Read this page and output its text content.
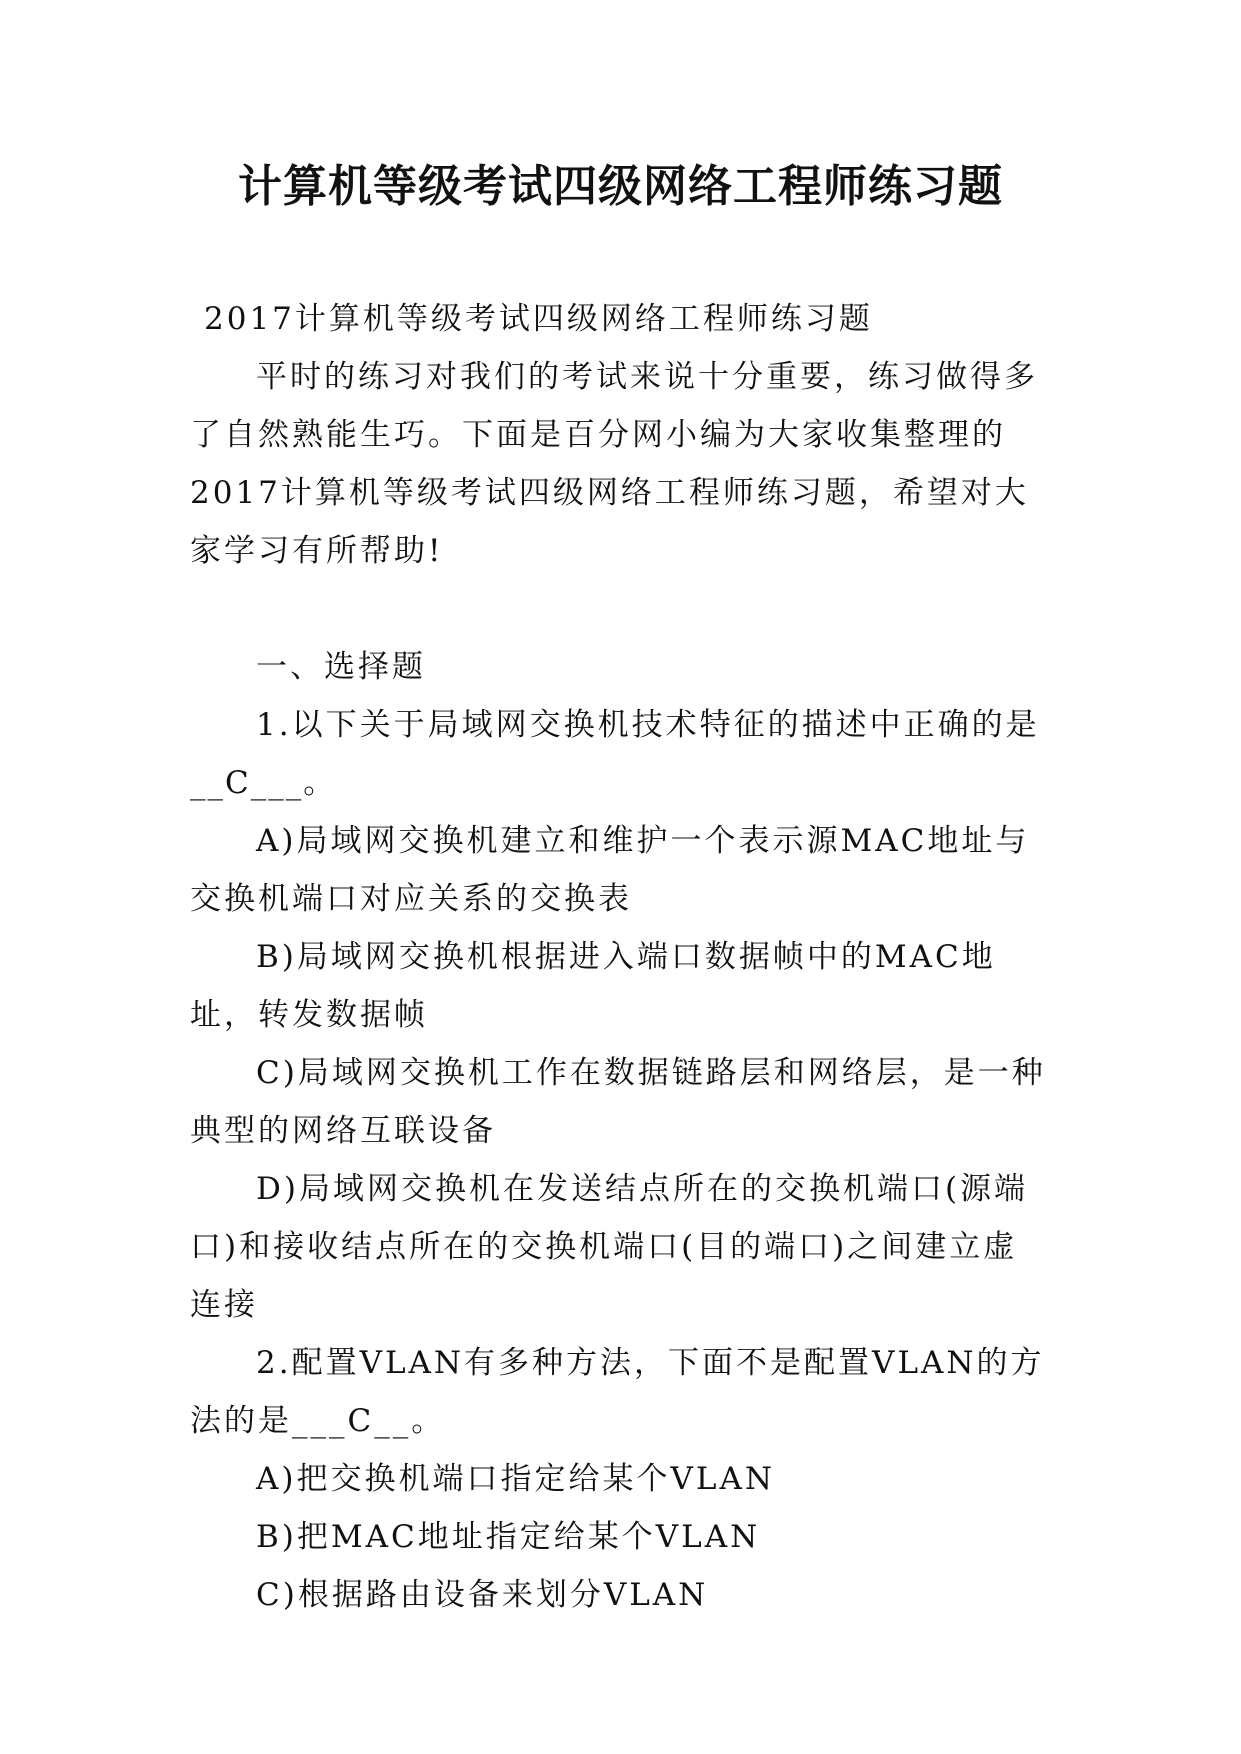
计算机等级考试四级网络工程师练习题

2017计算机等级考试四级网络工程师练习题

平时的练习对我们的考试来说十分重要，练习做得多了自然熟能生巧。下面是百分网小编为大家收集整理的2017计算机等级考试四级网络工程师练习题，希望对大家学习有所帮助!

一、选择题

1.以下关于局域网交换机技术特征的描述中正确的是__C___。

A)局域网交换机建立和维护一个表示源MAC地址与交换机端口对应关系的交换表

B)局域网交换机根据进入端口数据帧中的MAC地址，转发数据帧

C)局域网交换机工作在数据链路层和网络层，是一种典型的网络互联设备

D)局域网交换机在发送结点所在的交换机端口(源端口)和接收结点所在的交换机端口(目的端口)之间建立虚连接

2.配置VLAN有多种方法，下面不是配置VLAN的方法的是___C__。

A)把交换机端口指定给某个VLAN

B)把MAC地址指定给某个VLAN

C)根据路由设备来划分VLAN
